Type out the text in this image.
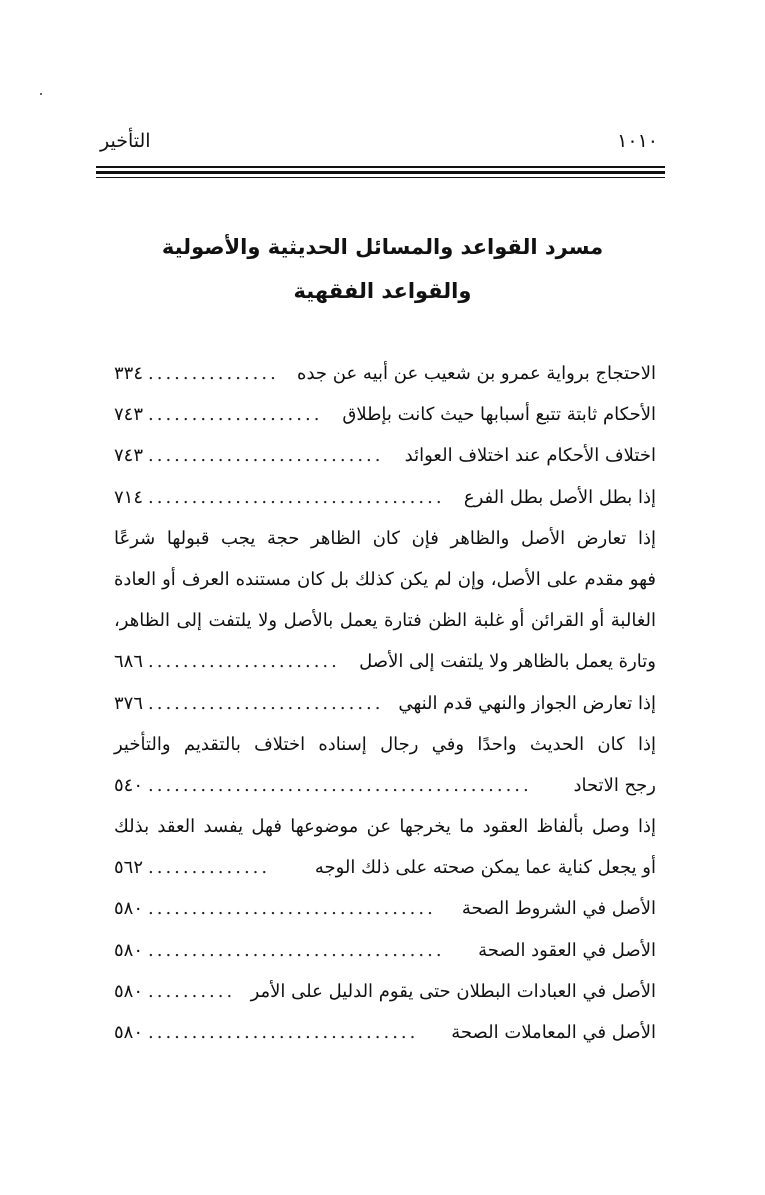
التأخير	١٠١٠
مسرد القواعد والمسائل الحديثية والأصولية
والقواعد الفقهية
الاحتجاج برواية عمرو بن شعيب عن أبيه عن جده
...............
٣٣٤
الأحكام ثابتة تتبع أسبابها حيث كانت بإطلاق
....................
٧٤٣
اختلاف الأحكام عند اختلاف العوائد
...........................
٧٤٣
إذا بطل الأصل بطل الفرع
..................................
٧١٤
إذا تعارض الأصل والظاهر فإن كان الظاهر حجة يجب قبولها شرعًا
فهو مقدم على الأصل، وإن لم يكن كذلك بل كان مستنده العرف أو العادة
الغالبة أو القرائن أو غلبة الظن فتارة يعمل بالأصل ولا يلتفت إلى الظاهر،
وتارة يعمل بالظاهر ولا يلتفت إلى الأصل
......................
٦٨٦
إذا تعارض الجواز والنهي قدم النهي
...........................
٣٧٦
إذا كان الحديث واحدًا وفي رجال إسناده اختلاف بالتقديم والتأخير
رجح الاتحاد
............................................
٥٤٠
إذا وصل بألفاظ العقود ما يخرجها عن موضوعها فهل يفسد العقد بذلك
أو يجعل كناية عما يمكن صحته على ذلك الوجه
..............
٥٦٢
الأصل في الشروط الصحة
.................................
٥٨٠
الأصل في العقود الصحة
..................................
٥٨٠
الأصل في العبادات البطلان حتى يقوم الدليل على الأمر
..........
٥٨٠
الأصل في المعاملات الصحة
...............................
٥٨٠
